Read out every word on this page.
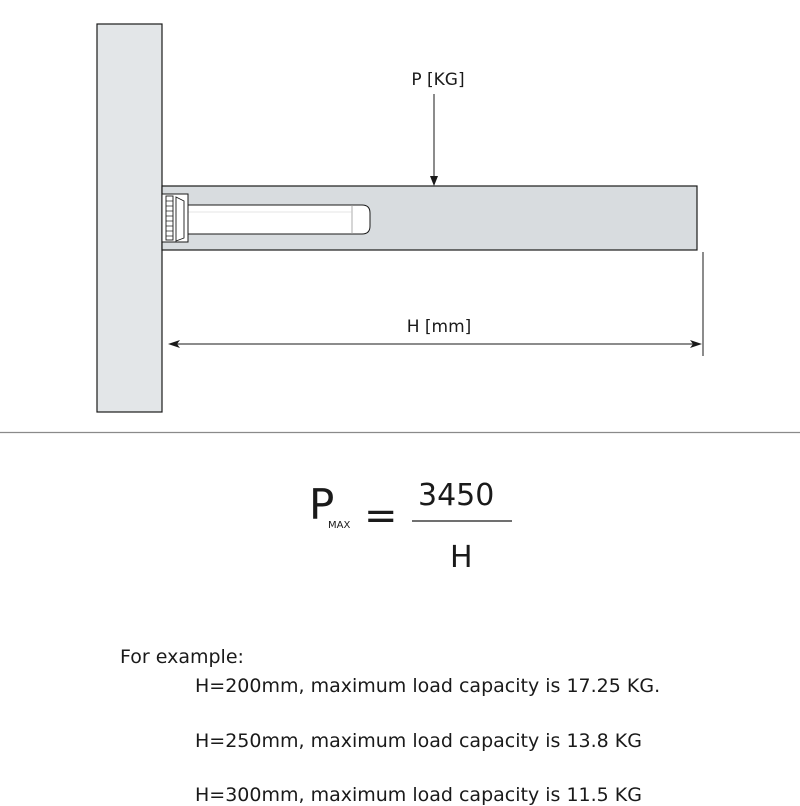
P [KG]
H [mm]
P
MAX = 3450
H
For example:
H=200mm, maximum load capacity is 17.25 KG.
H=250mm, maximum load capacity is 13.8 KG
H=300mm, maximum load capacity is 11.5 KG
